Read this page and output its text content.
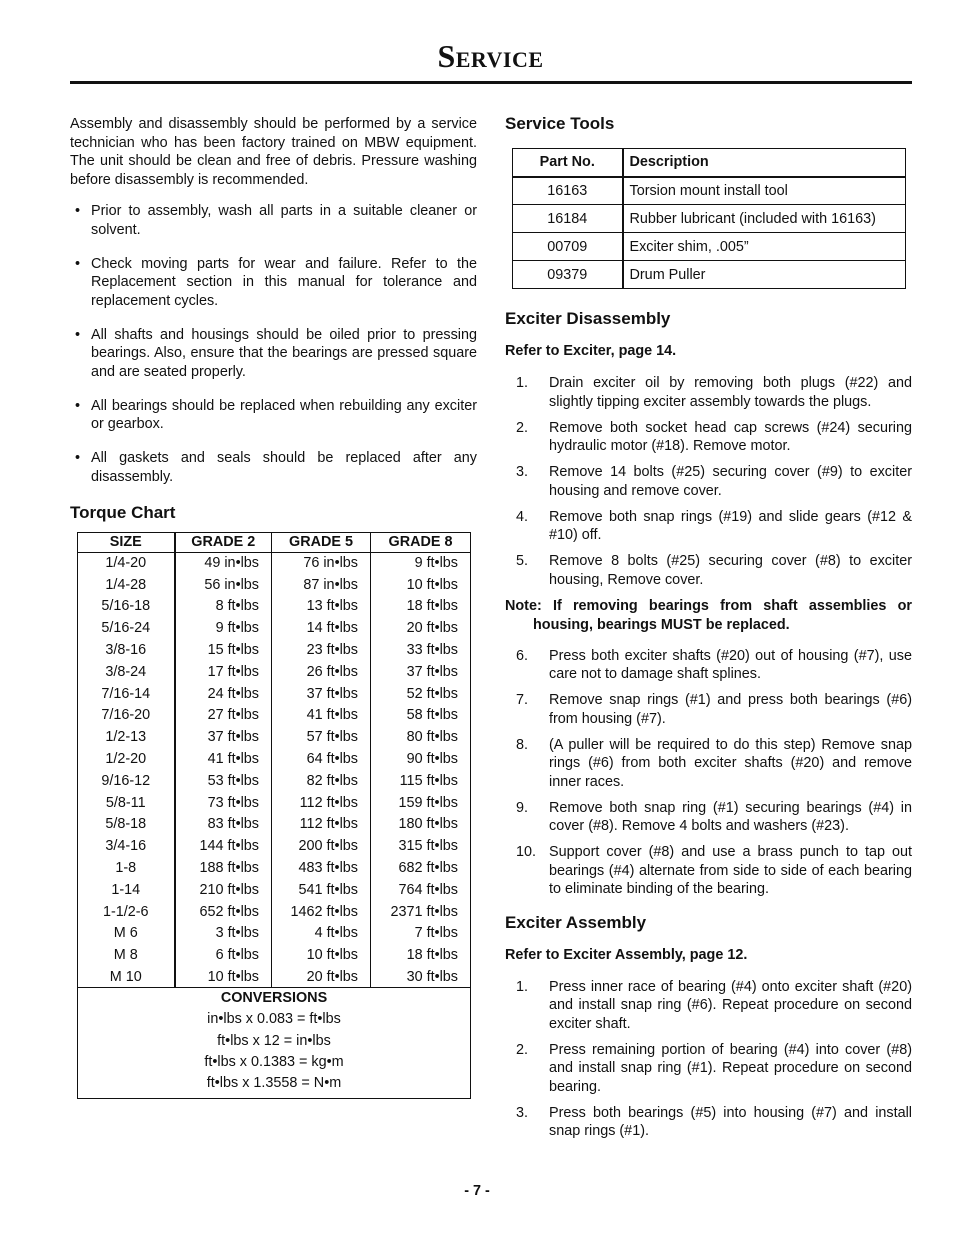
Service

Assembly and disassembly should be performed by a service technician who has been factory trained on MBW equipment. The unit should be clean and free of debris. Pressure washing before disassembly is recommended.

• Prior to assembly, wash all parts in a suitable cleaner or solvent.
• Check moving parts for wear and failure. Refer to the Replacement section in this manual for tolerance and replacement cycles.
• All shafts and housings should be oiled prior to pressing bearings. Also, ensure that the bearings are pressed square and are seated properly.
• All bearings should be replaced when rebuilding any exciter or gearbox.
• All gaskets and seals should be replaced after any disassembly.
Torque Chart
SIZE	GRADE 2	GRADE 5	GRADE 8
1/4-20	49 in•lbs	76 in•lbs	9 ft•lbs
1/4-28	56 in•lbs	87 in•lbs	10 ft•lbs
5/16-18	8 ft•lbs	13 ft•lbs	18 ft•lbs
5/16-24	9 ft•lbs	14 ft•lbs	20 ft•lbs
3/8-16	15 ft•lbs	23 ft•lbs	33 ft•lbs
3/8-24	17 ft•lbs	26 ft•lbs	37 ft•lbs
7/16-14	24 ft•lbs	37 ft•lbs	52 ft•lbs
7/16-20	27 ft•lbs	41 ft•lbs	58 ft•lbs
1/2-13	37 ft•lbs	57 ft•lbs	80 ft•lbs
1/2-20	41 ft•lbs	64 ft•lbs	90 ft•lbs
9/16-12	53 ft•lbs	82 ft•lbs	115 ft•lbs
5/8-11	73 ft•lbs	112 ft•lbs	159 ft•lbs
5/8-18	83 ft•lbs	112 ft•lbs	180 ft•lbs
3/4-16	144 ft•lbs	200 ft•lbs	315 ft•lbs
1-8	188 ft•lbs	483 ft•lbs	682 ft•lbs
1-14	210 ft•lbs	541 ft•lbs	764 ft•lbs
1-1/2-6	652 ft•lbs	1462 ft•lbs	2371 ft•lbs
M 6	3 ft•lbs	4 ft•lbs	7 ft•lbs
M 8	6 ft•lbs	10 ft•lbs	18 ft•lbs
M 10	10 ft•lbs	20 ft•lbs	30 ft•lbs
CONVERSIONS			
in•lbs x 0.083 = ft•lbs			
ft•lbs x 12 = in•lbs			
ft•lbs x 0.1383 = kg•m			
ft•lbs x 1.3558 = N•m			
Service Tools
Part No.	Description
16163	Torsion mount install tool
16184	Rubber lubricant (included with 16163)
00709	Exciter shim, .005”
09379	Drum Puller
Exciter Disassembly
Refer to Exciter, page 14.
1. Drain exciter oil by removing both plugs (#22) and slightly tipping exciter assembly towards the plugs.
2. Remove both socket head cap screws (#24) securing hydraulic motor (#18). Remove motor.
3. Remove 14 bolts (#25) securing cover (#9) to exciter housing and remove cover.
4. Remove both snap rings (#19) and slide gears (#12 & #10) off.
5. Remove 8 bolts (#25) securing cover (#8) to exciter housing, Remove cover.
Note: If removing bearings from shaft assemblies or housing, bearings MUST be replaced.
6. Press both exciter shafts (#20) out of housing (#7), use care not to damage shaft splines.
7. Remove snap rings (#1) and press both bearings (#6) from housing (#7).
8. (A puller will be required to do this step) Remove snap rings (#6) from both exciter shafts (#20) and remove inner races.
9. Remove both snap ring (#1) securing bearings (#4) in cover (#8). Remove 4 bolts and washers (#23).
10. Support cover (#8) and use a brass punch to tap out bearings (#4) alternate from side to side of each bearing to eliminate binding of the bearing.
Exciter Assembly
Refer to Exciter Assembly, page 12.
1. Press inner race of bearing (#4) onto exciter shaft (#20) and install snap ring (#6). Repeat procedure on second exciter shaft.
2. Press remaining portion of bearing (#4) into cover (#8) and install snap ring (#1). Repeat procedure on second bearing.
3. Press both bearings (#5) into housing (#7) and install snap rings (#1).
- 7 -
